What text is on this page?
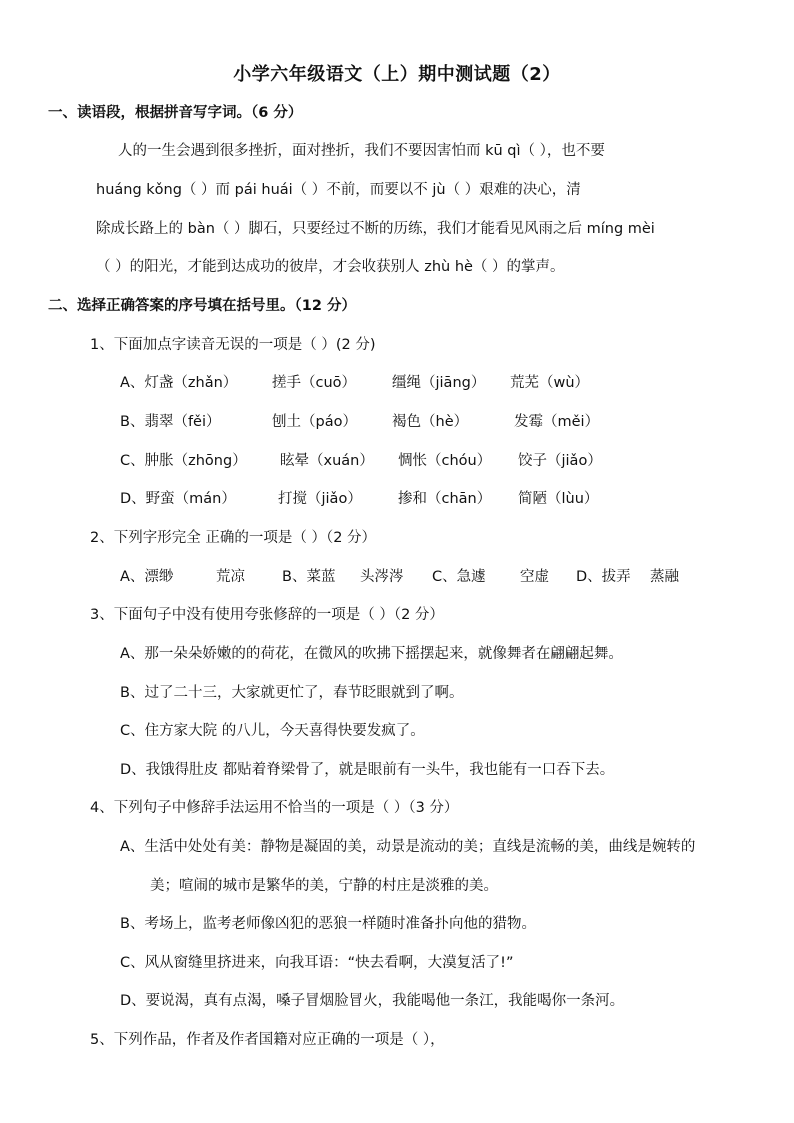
小学六年级语文（上）期中测试题（2）
一、读语段，根据拼音写字词。（6 分）
人的一生会遇到很多挫折，面对挫折，我们不要因害怕而 kū qì（ ），也不要
huáng kǒng（ ）而 pái huái（ ）不前，而要以不 jù（ ）艰难的决心，清
除成长路上的 bàn（ ）脚石，只要经过不断的历练，我们才能看见风雨之后 míng mèi
（ ）的阳光，才能到达成功的彼岸，才会收获别人 zhù hè（ ）的掌声。
二、选择正确答案的序号填在括号里。（12 分）
1、下面加点字读音无误的一项是（ ）(2 分)
A、灯盏（zhǎn） 搓手（cuō） 缰绳（jiāng） 荒芜（wù）
B、翡翠（fěi）	刨土（páo） 褐色（hè）	发霉（měi）
C、肿胀（zhōng） 眩晕（xuán） 惆怅（chóu） 饺子（jiǎo）
D、野蛮（mán）	打搅（jiǎo） 掺和（chān） 简陋（lùu）
2、下列字形完全 正确的一项是（ ）（2 分）
A、漂缈	荒凉	B、菜蓝 头涔涔 C、急遽 空虚 D、拔弄 蒸融
3、下面句子中没有使用夸张修辞的一项是（ ）（2 分）
A、那一朵朵娇嫩的的荷花，在微风的吹拂下摇摆起来，就像舞者在翩翩起舞。
B、过了二十三，大家就更忙了，春节眨眼就到了啊。
C、住方家大院 的八儿，今天喜得快要发疯了。
D、我饿得肚皮 都贴着脊梁骨了，就是眼前有一头牛，我也能有一口吞下去。
4、下列句子中修辞手法运用不恰当的一项是（ ）（3 分）
A、生活中处处有美：静物是凝固的美，动景是流动的美；直线是流畅的美，曲线是婉转的
美；喧闹的城市是繁华的美，宁静的村庄是淡雅的美。
B、考场上，监考老师像凶犯的恶狼一样随时准备扑向他的猎物。
C、风从窗缝里挤进来，向我耳语：“快去看啊，大漠复活了!”
D、要说渴，真有点渴，嗓子冒烟脸冒火，我能喝他一条江，我能喝你一条河。
5、下列作品，作者及作者国籍对应正确的一项是（ ），
